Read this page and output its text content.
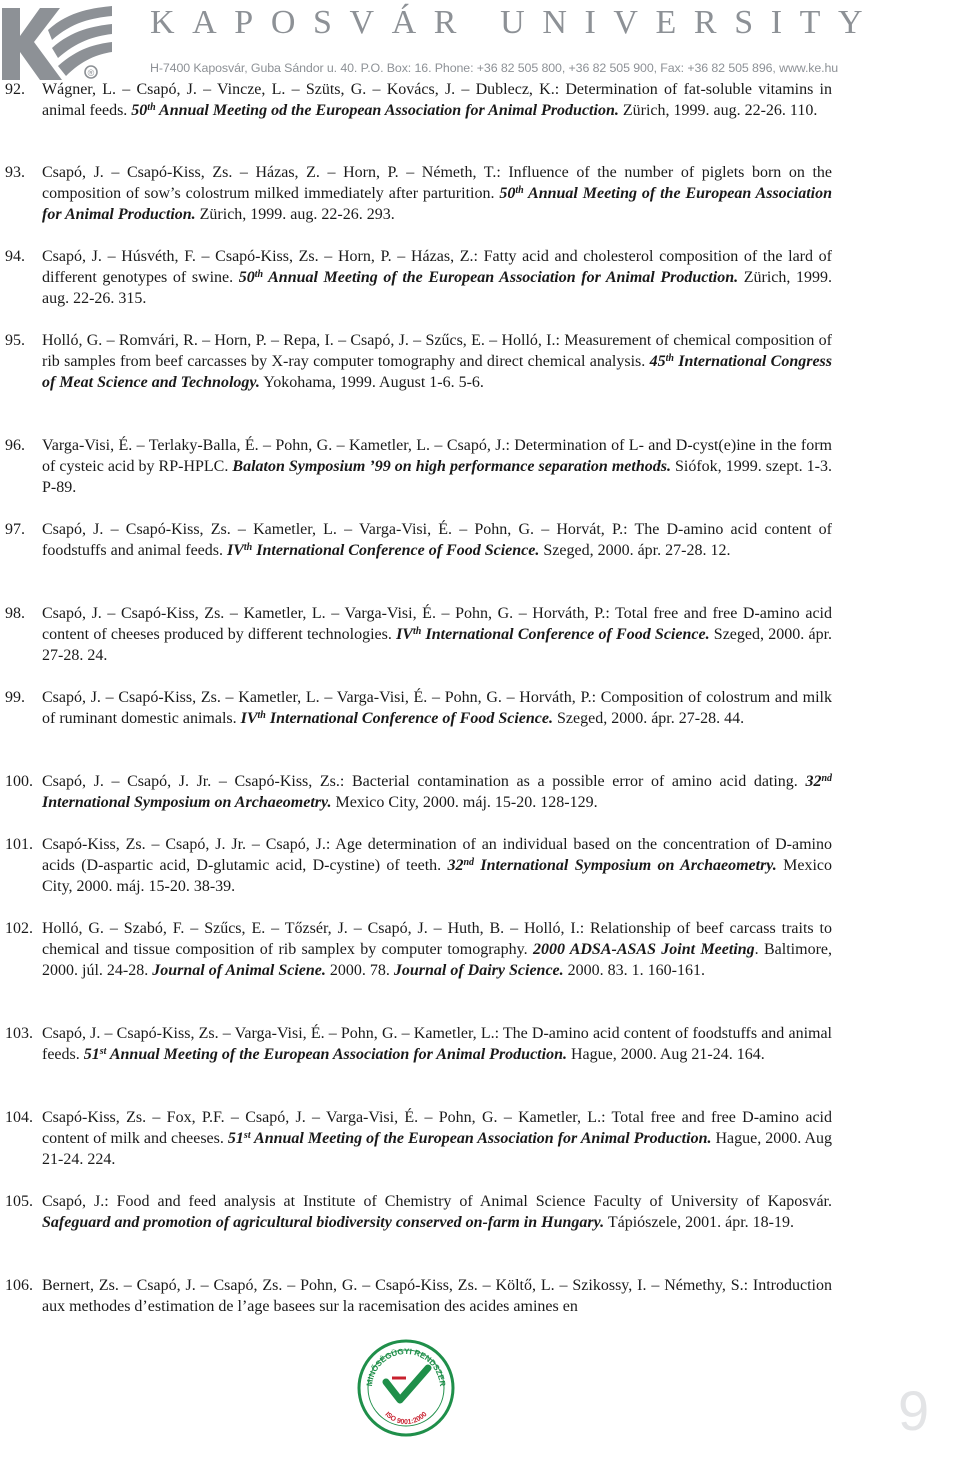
®
KAPOSVÁR UNIVERSITY
H-7400 Kaposvár, Guba Sándor u. 40. P.O. Box: 16. Phone: +36 82 505 800, +36 82 505 900, Fax: +36 82 505 896, www.ke.hu
92. Wágner, L. – Csapó, J. – Vincze, L. – Szüts, G. – Kovács, J. – Dublecz, K.: Determination of fat-soluble vitamins in animal feeds. 50th Annual Meeting od the European Association for Animal Production. Zürich, 1999. aug. 22-26. 110.
93. Csapó, J. – Csapó-Kiss, Zs. – Házas, Z. – Horn, P. – Németh, T.: Influence of the number of piglets born on the composition of sow’s colostrum milked immediately after parturition. 50th Annual Meeting of the European Association for Animal Production. Zürich, 1999. aug. 22-26. 293.
94. Csapó, J. – Húsvéth, F. – Csapó-Kiss, Zs. – Horn, P. – Házas, Z.: Fatty acid and cholesterol composition of the lard of different genotypes of swine. 50th Annual Meeting of the European Association for Animal Production. Zürich, 1999. aug. 22-26. 315.
95. Holló, G. – Romvári, R. – Horn, P. – Repa, I. – Csapó, J. – Szűcs, E. – Holló, I.: Measurement of chemical composition of rib samples from beef carcasses by X-ray computer tomography and direct chemical analysis. 45th International Congress of Meat Science and Technology. Yokohama, 1999. August 1-6. 5-6.
96. Varga-Visi, É. – Terlaky-Balla, É. – Pohn, G. – Kametler, L. – Csapó, J.: Determination of L- and D-cyst(e)ine in the form of cysteic acid by RP-HPLC. Balaton Symposium ’99 on high performance separation methods. Siófok, 1999. szept. 1-3. P-89.
97. Csapó, J. – Csapó-Kiss, Zs. – Kametler, L. – Varga-Visi, É. – Pohn, G. – Horvát, P.: The D-amino acid content of foodstuffs and animal feeds. IVth International Conference of Food Science. Szeged, 2000. ápr. 27-28. 12.
98. Csapó, J. – Csapó-Kiss, Zs. – Kametler, L. – Varga-Visi, É. – Pohn, G. – Horváth, P.: Total free and free D-amino acid content of cheeses produced by different technologies. IVth International Conference of Food Science. Szeged, 2000. ápr. 27-28. 24.
99. Csapó, J. – Csapó-Kiss, Zs. – Kametler, L. – Varga-Visi, É. – Pohn, G. – Horváth, P.: Composition of colostrum and milk of ruminant domestic animals. IVth International Conference of Food Science. Szeged, 2000. ápr. 27-28. 44.
100. Csapó, J. – Csapó, J. Jr. – Csapó-Kiss, Zs.: Bacterial contamination as a possible error of amino acid dating. 32nd International Symposium on Archaeometry. Mexico City, 2000. máj. 15-20. 128-129.
101. Csapó-Kiss, Zs. – Csapó, J. Jr. – Csapó, J.: Age determination of an individual based on the concentration of D-amino acids (D-aspartic acid, D-glutamic acid, D-cystine) of teeth. 32nd International Symposium on Archaeometry. Mexico City, 2000. máj. 15-20. 38-39.
102. Holló, G. – Szabó, F. – Szűcs, E. – Tőzsér, J. – Csapó, J. – Huth, B. – Holló, I.: Relationship of beef carcass traits to chemical and tissue composition of rib samplex by computer tomography. 2000 ADSA-ASAS Joint Meeting. Baltimore, 2000. júl. 24-28. Journal of Animal Sciene. 2000. 78. Journal of Dairy Science. 2000. 83. 1. 160-161.
103. Csapó, J. – Csapó-Kiss, Zs. – Varga-Visi, É. – Pohn, G. – Kametler, L.: The D-amino acid content of foodstuffs and animal feeds. 51st Annual Meeting of the European Association for Animal Production. Hague, 2000. Aug 21-24. 164.
104. Csapó-Kiss, Zs. – Fox, P.F. – Csapó, J. – Varga-Visi, É. – Pohn, G. – Kametler, L.: Total free and free D-amino acid content of milk and cheeses. 51st Annual Meeting of the European Association for Animal Production. Hague, 2000. Aug 21-24. 224.
105. Csapó, J.: Food and feed analysis at Institute of Chemistry of Animal Science Faculty of University of Kaposvár. Safeguard and promotion of agricultural biodiversity conserved on-farm in Hungary. Tápiószele, 2001. ápr. 18-19.
106. Bernert, Zs. – Csapó, J. – Csapó, Zs. – Pohn, G. – Csapó-Kiss, Zs. – Költő, L. – Szikossy, I. – Némethy, S.: Introduction aux methodes d’estimation de l’age basees sur la racemisation des acides amines en
MINŐSÉGÜGYI RENDSZER
ISO 9001:2000	9
